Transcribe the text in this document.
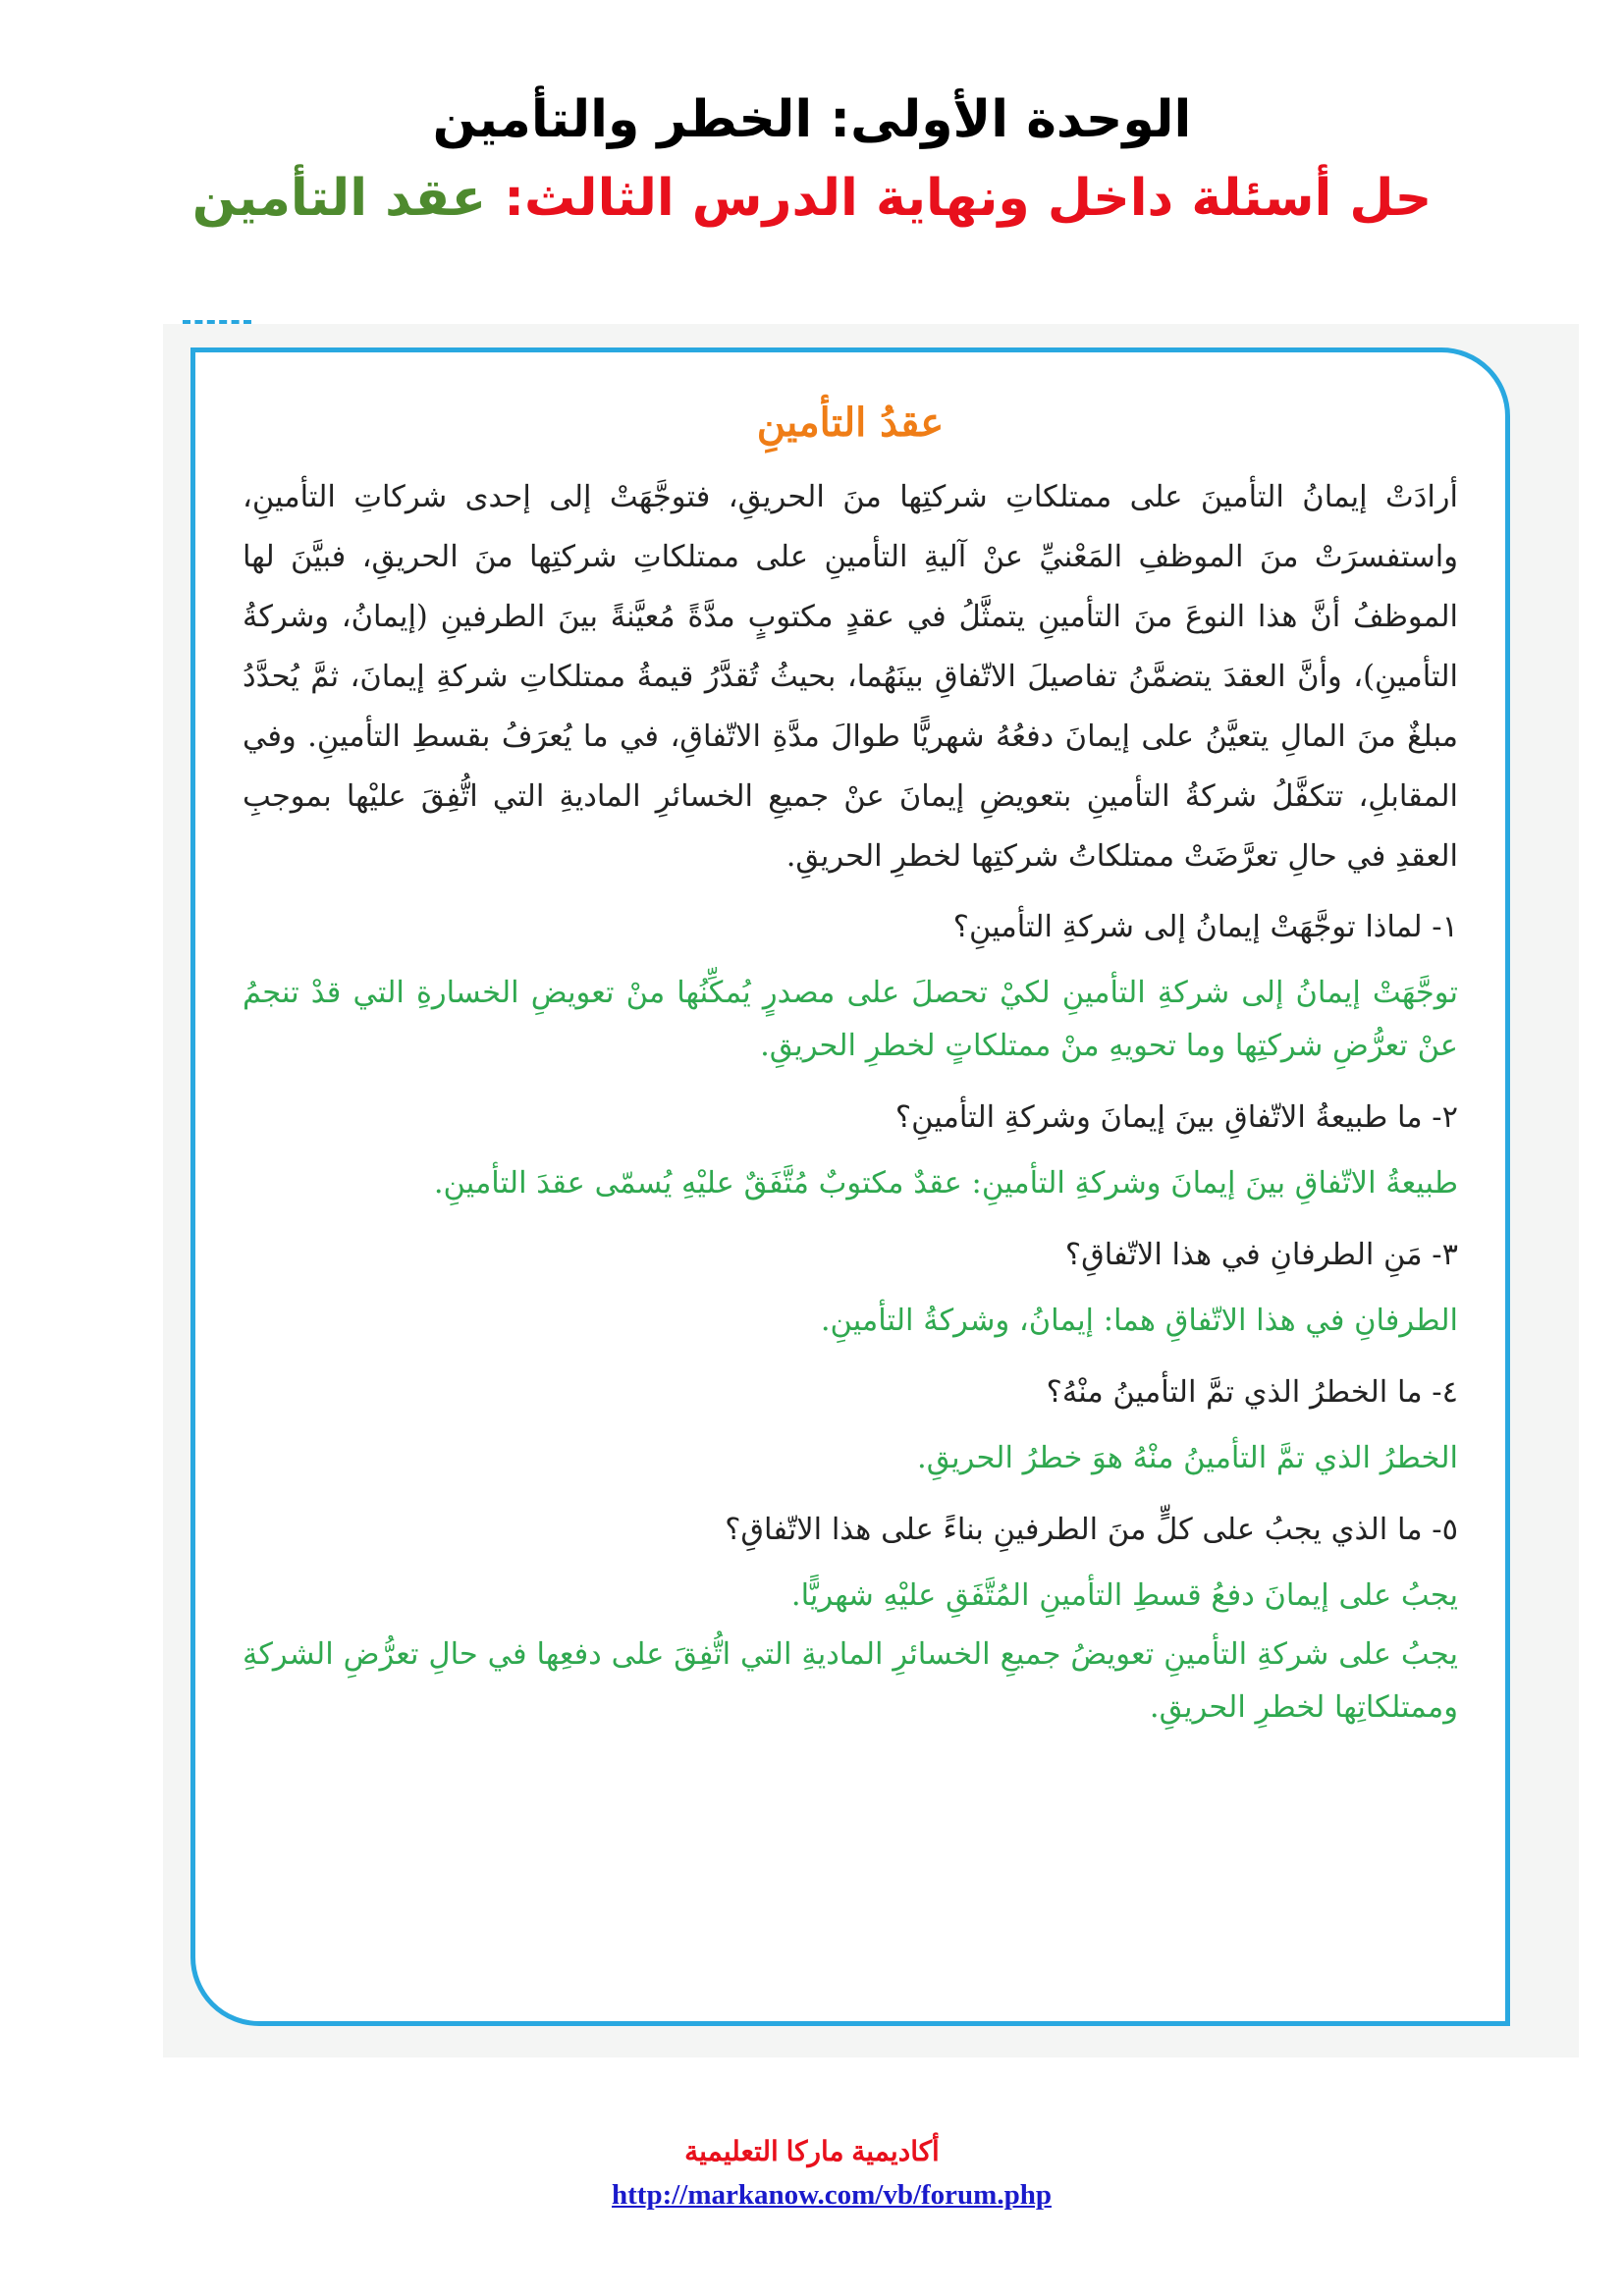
الوحدة الأولى: الخطر والتأمين

حل أسئلة داخل ونهاية الدرس الثالث: عقد التأمين

عقدُ التأمينِ

أرادَتْ إيمانُ التأمينَ على ممتلكاتِ شركتِها منَ الحريقِ، فتوجَّهَتْ إلى إحدى شركاتِ التأمينِ، واستفسرَتْ منَ الموظفِ المَعْنيِّ عنْ آليةِ التأمينِ على ممتلكاتِ شركتِها منَ الحريقِ، فبيَّنَ لها الموظفُ أنَّ هذا النوعَ منَ التأمينِ يتمثَّلُ في عقدٍ مكتوبٍ مدَّةً مُعيَّنةً بينَ الطرفينِ (إيمانُ، وشركةُ التأمينِ)، وأنَّ العقدَ يتضمَّنُ تفاصيلَ الاتّفاقِ بينَهُما، بحيثُ تُقدَّرُ قيمةُ ممتلكاتِ شركةِ إيمانَ، ثمَّ يُحدَّدُ مبلغٌ منَ المالِ يتعيَّنُ على إيمانَ دفعُهُ شهريًّا طوالَ مدَّةِ الاتّفاقِ، في ما يُعرَفُ بقسطِ التأمينِ. وفي المقابلِ، تتكفَّلُ شركةُ التأمينِ بتعويضِ إيمانَ عنْ جميعِ الخسائرِ الماديةِ التي اتُّفِقَ عليْها بموجبِ العقدِ في حالِ تعرَّضَتْ ممتلكاتُ شركتِها لخطرِ الحريقِ.

١- لماذا توجَّهَتْ إيمانُ إلى شركةِ التأمينِ؟
توجَّهَتْ إيمانُ إلى شركةِ التأمينِ لكيْ تحصلَ على مصدرٍ يُمكِّنُها منْ تعويضِ الخسارةِ التي قدْ تنجمُ عنْ تعرُّضِ شركتِها وما تحويهِ منْ ممتلكاتٍ لخطرِ الحريقِ.
٢- ما طبيعةُ الاتّفاقِ بينَ إيمانَ وشركةِ التأمينِ؟
طبيعةُ الاتّفاقِ بينَ إيمانَ وشركةِ التأمينِ: عقدٌ مكتوبٌ مُتَّفَقٌ عليْهِ يُسمّى عقدَ التأمينِ.
٣- مَنِ الطرفانِ في هذا الاتّفاقِ؟
الطرفانِ في هذا الاتّفاقِ هما: إيمانُ، وشركةُ التأمينِ.
٤- ما الخطرُ الذي تمَّ التأمينُ منْهُ؟
الخطرُ الذي تمَّ التأمينُ منْهُ هوَ خطرُ الحريقِ.
٥- ما الذي يجبُ على كلٍّ منَ الطرفينِ بناءً على هذا الاتّفاقِ؟
يجبُ على إيمانَ دفعُ قسطِ التأمينِ المُتَّفَقِ عليْهِ شهريًّا.
يجبُ على شركةِ التأمينِ تعويضُ جميعِ الخسائرِ الماديةِ التي اتُّفِقَ على دفعِها في حالِ تعرُّضِ الشركةِ وممتلكاتِها لخطرِ الحريقِ.

أكاديمية ماركا التعليمية

http://markanow.com/vb/forum.php
